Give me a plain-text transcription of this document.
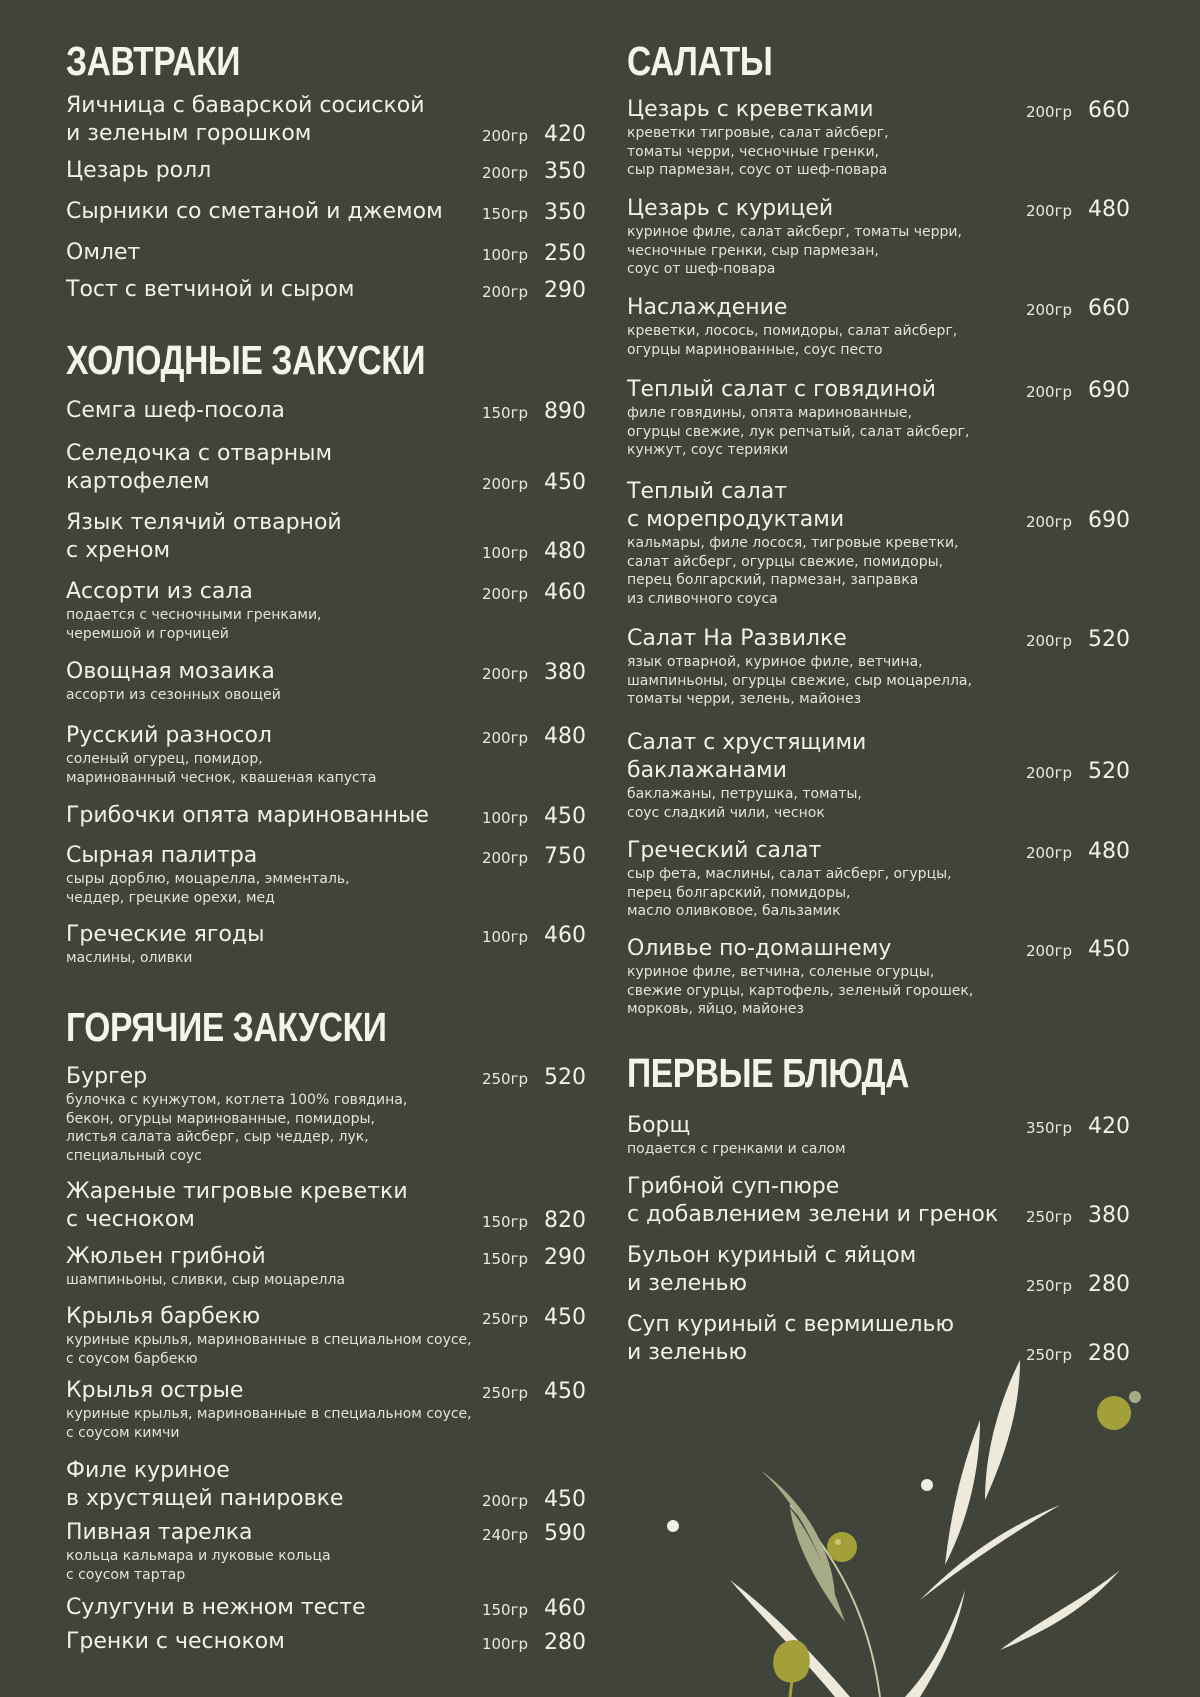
ЗАВТРАКИ
Яичница с баварской сосиской
и зеленым горошком	200гр 420
Цезарь ролл	200гр 350
Сырники со сметаной и джемом	150гр 350
Омлет	100гр 250
Тост с ветчиной и сыром	200гр 290
ХОЛОДНЫЕ ЗАКУСКИ
Семга шеф-посола	150гр 890
Селедочка с отварным
картофелем	200гр 450
Язык телячий отварной
с хреном	100гр 480
Ассорти из сала
подается с чесночными гренками,
черемшой и горчицей
200гр 460
Овощная мозаика
ассорти из сезонных овощей
200гр 380
Русский разносол
соленый огурец, помидор,
маринованный чеснок, квашеная капуста
200гр 480
Грибочки опята маринованные	100гр 450
Сырная палитра
сыры дорблю, моцарелла, эмменталь,
чеддер, грецкие орехи, мед
200гр 750
Греческие ягоды
маслины, оливки
100гр 460
ГОРЯЧИЕ ЗАКУСКИ
Бургер
булочка с кунжутом, котлета 100% говядина,
бекон, огурцы маринованные, помидоры,
листья салата айсберг, сыр чеддер, лук,
специальный соус
250гр 520
Жареные тигровые креветки
с чесноком	150гр 820
Жюльен грибной
шампиньоны, сливки, сыр моцарелла
150гр 290
Крылья барбекю
куриные крылья, маринованные в специальном соусе,
с соусом барбекю
250гр 450
Крылья острые
куриные крылья, маринованные в специальном соусе,
с соусом кимчи
250гр 450
Филе куриное
в хрустящей панировке	200гр 450
Пивная тарелка
кольца кальмара и луковые кольца
с соусом тартар
240гр 590
Сулугуни в нежном тесте	150гр 460
Гренки с чесноком	100гр 280
САЛАТЫ
Цезарь с креветками
креветки тигровые, салат айсберг,
томаты черри, чесночные гренки,
сыр пармезан, соус от шеф-повара
200гр 660
Цезарь с курицей
куриное филе, салат айсберг, томаты черри,
чесночные гренки, сыр пармезан,
соус от шеф-повара
200гр 480
Наслаждение
креветки, лосось, помидоры, салат айсберг,
огурцы маринованные, соус песто
200гр 660
Теплый салат с говядиной
филе говядины, опята маринованные,
огурцы свежие, лук репчатый, салат айсберг,
кунжут, соус терияки
200гр 690
Теплый салат
с морепродуктами
кальмары, филе лосося, тигровые креветки,
салат айсберг, огурцы свежие, помидоры,
перец болгарский, пармезан, заправка
из сливочного соуса
200гр 690
Салат На Развилке
язык отварной, куриное филе, ветчина,
шампиньоны, огурцы свежие, сыр моцарелла,
томаты черри, зелень, майонез
200гр 520
Салат с хрустящими
баклажанами
баклажаны, петрушка, томаты,
соус сладкий чили, чеснок
200гр 520
Греческий салат
сыр фета, маслины, салат айсберг, огурцы,
перец болгарский, помидоры,
масло оливковое, бальзамик
200гр 480
Оливье по-домашнему
куриное филе, ветчина, соленые огурцы,
свежие огурцы, картофель, зеленый горошек,
морковь, яйцо, майонез
200гр 450
ПЕРВЫЕ БЛЮДА
Борщ
подается с гренками и салом
350гр 420
Грибной суп-пюре
с добавлением зелени и гренок	250гр 380
Бульон куриный с яйцом
и зеленью	250гр 280
Суп куриный с вермишелью
и зеленью	250гр 280
